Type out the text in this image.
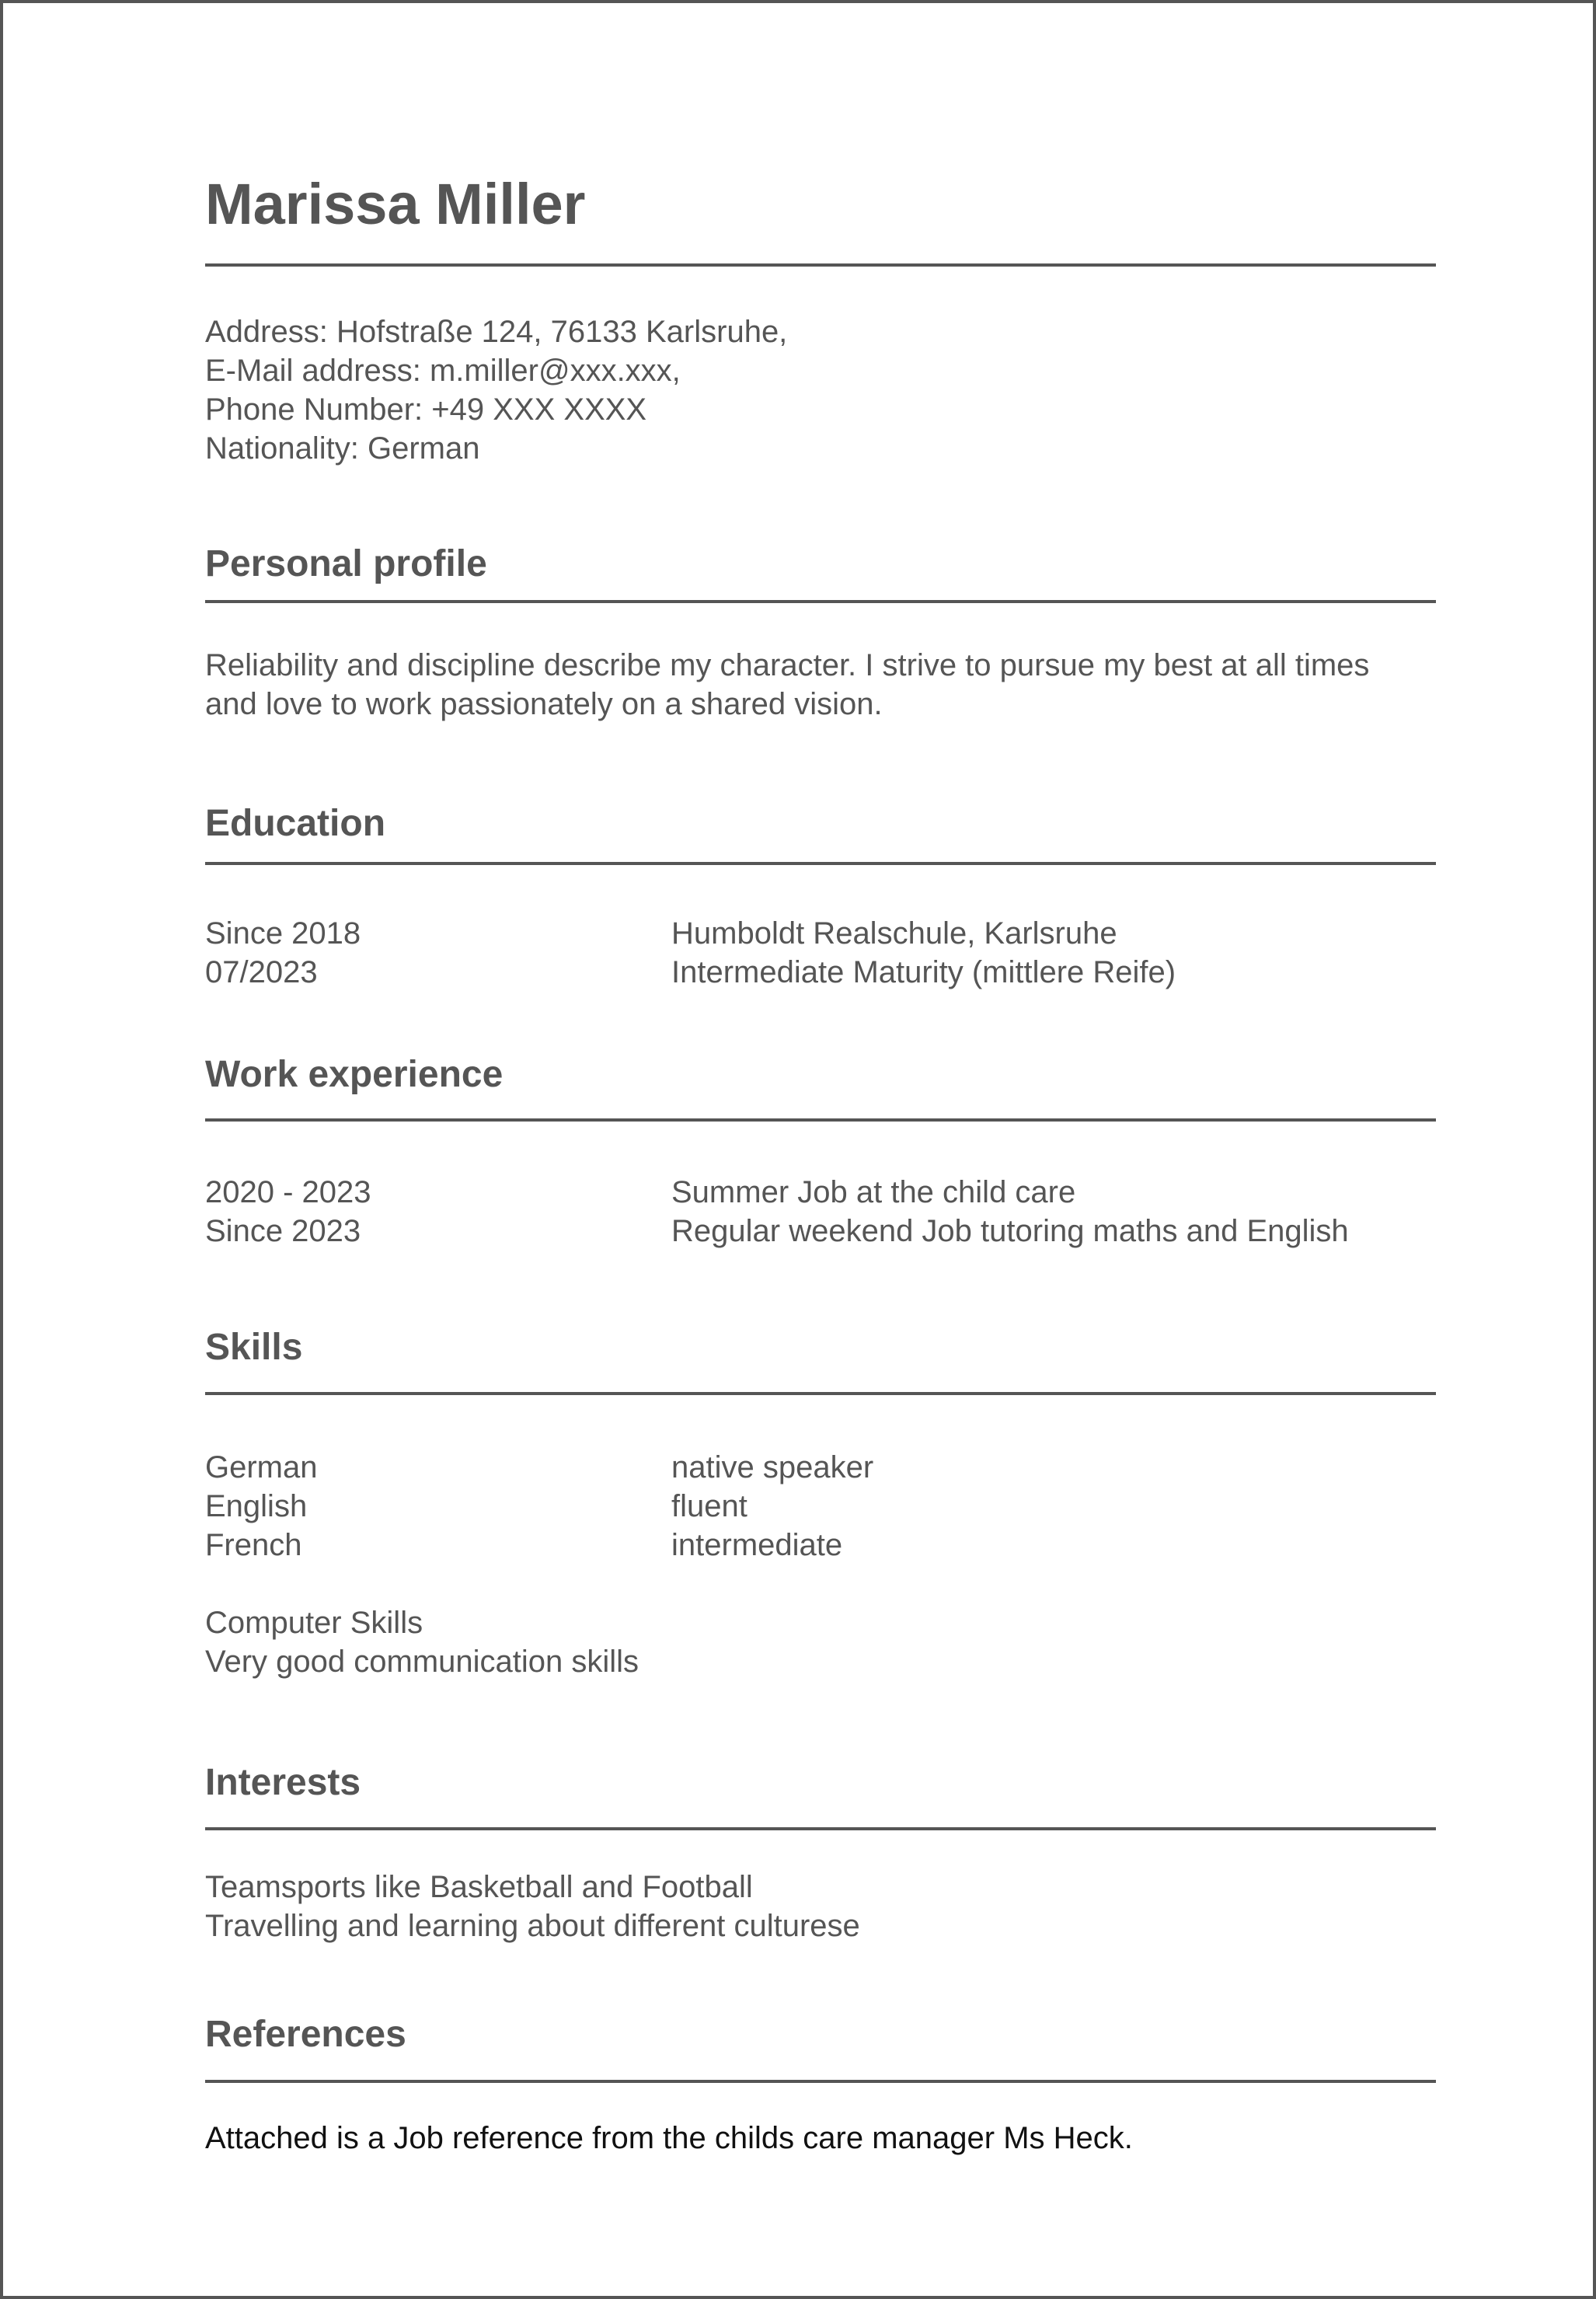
Marissa Miller
Address: Hofstraße 124, 76133 Karlsruhe,
E-Mail address: m.miller@xxx.xxx,
Phone Number: +49 XXX XXXX
Nationality: German
Personal profile
Reliability and discipline describe my character. I strive to pursue my best at all times
and love to work passionately on a shared vision.
Education
Since 2018	Humboldt Realschule, Karlsruhe
07/2023	Intermediate Maturity (mittlere Reife)
Work experience
2020 - 2023	Summer Job at the child care
Since 2023	Regular weekend Job tutoring maths and English
Skills
German	native speaker
English	fluent
French	intermediate
Computer Skills
Very good communication skills
Interests
Teamsports like Basketball and Football
Travelling and learning about different culturese
References
Attached is a Job reference from the childs care manager Ms Heck.
